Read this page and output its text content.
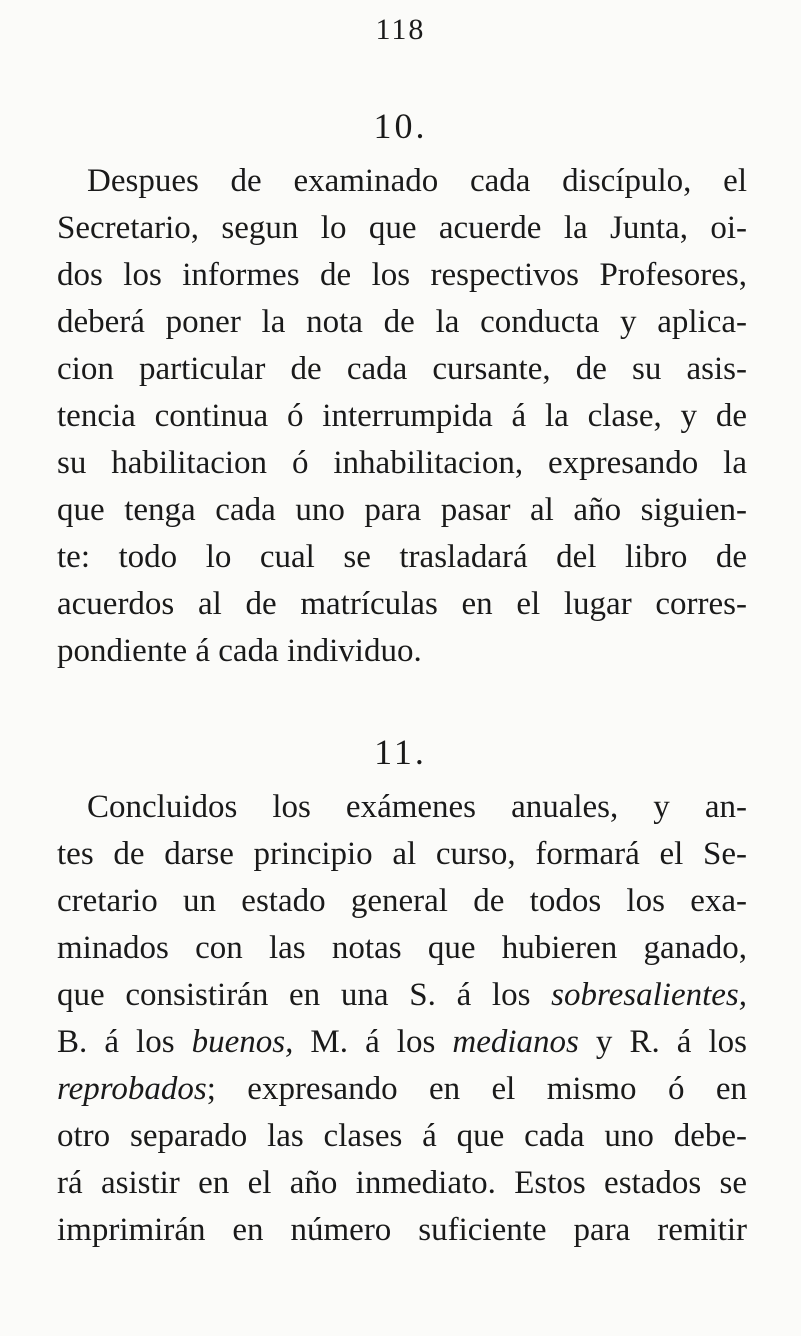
118
10.
Despues de examinado cada discípulo, el
Secretario, segun lo que acuerde la Junta, oi-
dos los informes de los respectivos Profesores,
deberá poner la nota de la conducta y aplica-
cion particular de cada cursante, de su asis-
tencia continua ó interrumpida á la clase, y de
su habilitacion ó inhabilitacion, expresando la
que tenga cada uno para pasar al año siguien-
te: todo lo cual se trasladará del libro de
acuerdos al de matrículas en el lugar corres-
pondiente á cada individuo.
11.
Concluidos los exámenes anuales, y an-
tes de darse principio al curso, formará el Se-
cretario un estado general de todos los exa-
minados con las notas que hubieren ganado,
que consistirán en una S. á los sobresalientes,
B. á los buenos, M. á los medianos y R. á los
reprobados; expresando en el mismo ó en
otro separado las clases á que cada uno debe-
rá asistir en el año inmediato. Estos estados se
imprimirán en número suficiente para remitir
